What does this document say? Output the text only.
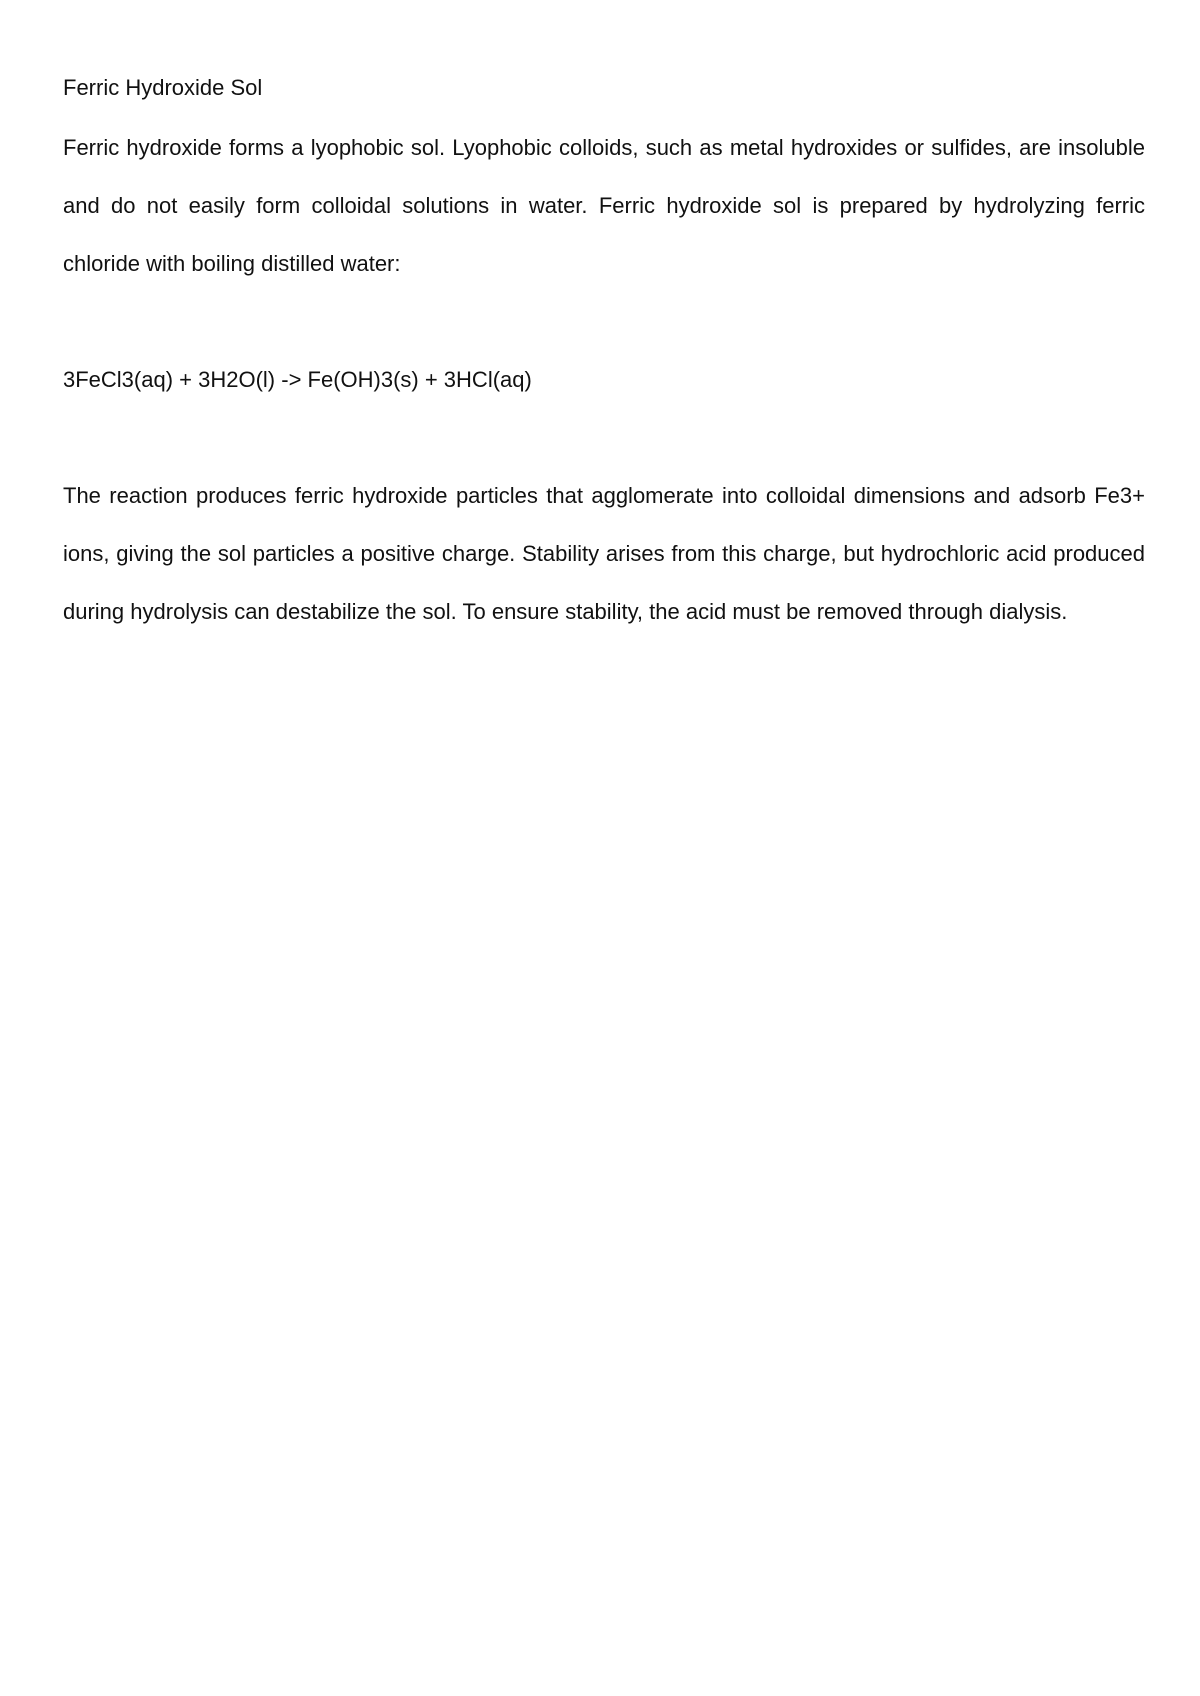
Ferric Hydroxide Sol

Ferric hydroxide forms a lyophobic sol. Lyophobic colloids, such as metal hydroxides or sulfides, are insoluble and do not easily form colloidal solutions in water. Ferric hydroxide sol is prepared by hydrolyzing ferric chloride with boiling distilled water:

3FeCl3(aq) + 3H2O(l) -> Fe(OH)3(s) + 3HCl(aq)

The reaction produces ferric hydroxide particles that agglomerate into colloidal dimensions and adsorb Fe3+ ions, giving the sol particles a positive charge. Stability arises from this charge, but hydrochloric acid produced during hydrolysis can destabilize the sol. To ensure stability, the acid must be removed through dialysis.
